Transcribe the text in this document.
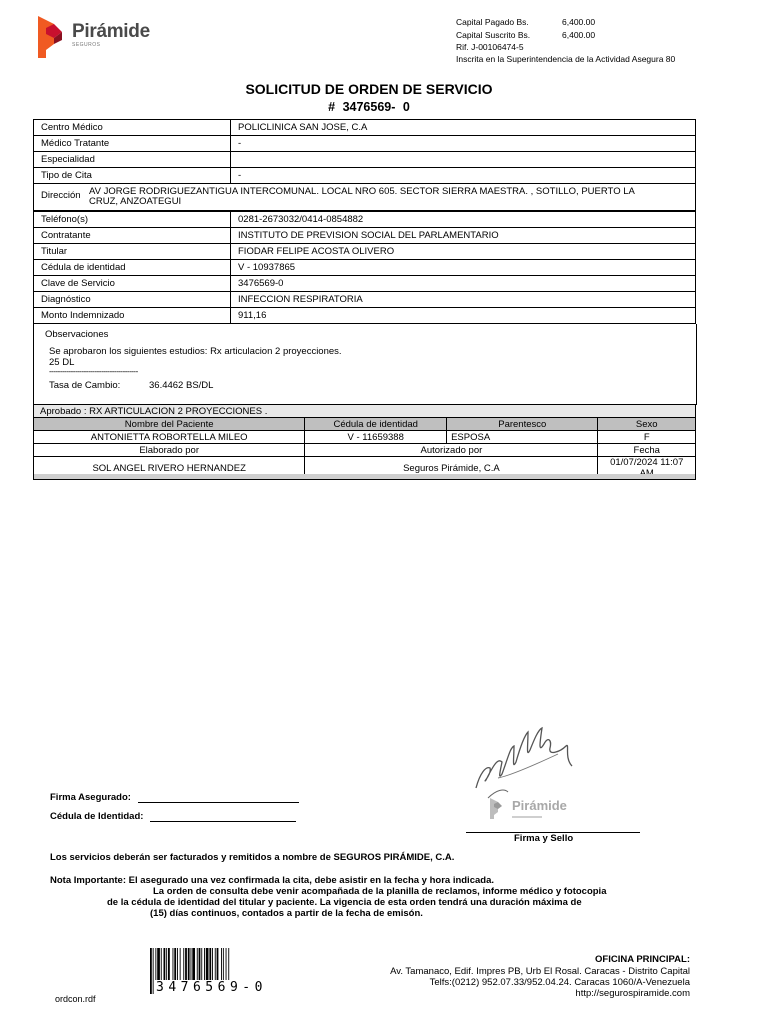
Pirámide
SEGUROS
Capital Pagado Bs.	6,400.00
Capital Suscrito Bs.	6,400.00
Rif. J-00106474-5
Inscrita en la Superintendencia de la Actividad Asegura 80
SOLICITUD DE ORDEN DE SERVICIO
# 3476569- 0
Centro Médico	POLICLINICA SAN JOSE, C.A
Médico Tratante	-
Especialidad	
Tipo de Cita	-

Dirección AV JORGE RODRIGUEZANTIGUA INTERCOMUNAL. LOCAL NRO 605. SECTOR SIERRA MAESTRA. , SOTILLO, PUERTO LA
CRUZ, ANZOATEGUI	

Teléfono(s)	0281-2673032/0414-0854882
Contratante	INSTITUTO DE PREVISION SOCIAL DEL PARLAMENTARIO
Titular	FIODAR FELIPE ACOSTA OLIVERO
Cédula de identidad	V - 10937865
Clave de Servicio	3476569-0
Diagnóstico	INFECCION RESPIRATORIA
Monto Indemnizado	911,16
Observaciones
Se aprobaron los siguientes estudios: Rx articulacion 2 proyecciones.
25 DL
-----------------------------------------
Tasa de Cambio:	36.4462 BS/DL
Aprobado : RX ARTICULACION 2 PROYECCIONES .			
Nombre del Paciente	Cédula de identidad	Parentesco	Sexo
ANTONIETTA ROBORTELLA MILEO	V - 11659388	ESPOSA	F
Elaborado por	Autorizado por		Fecha
SOL ANGEL RIVERO HERNANDEZ	Seguros Pirámide, C.A		01/07/2024 11:07
Firma Asegurado:
Cédula de Identidad:
Pirámide
Firma y Sello
Los servicios deberán ser facturados y remitidos a nombre de SEGUROS PIRÁMIDE, C.A.
Nota Importante: El asegurado una vez confirmada la cita, debe asistir en la fecha y hora indicada.
La orden de consulta debe venir acompañada de la planilla de reclamos, informe médico y fotocopia
de la cédula de identidad del titular y paciente. La vigencia de esta orden tendrá una duración máxima de
(15) días continuos, contados a partir de la fecha de emisón.
3476569-0
ordcon.rdf
OFICINA PRINCIPAL:
Av. Tamanaco, Edif. Impres PB, Urb El Rosal. Caracas - Distrito Capital
Telfs:(0212) 952.07.33/952.04.24. Caracas 1060/A-Venezuela
http://segurospiramide.com
